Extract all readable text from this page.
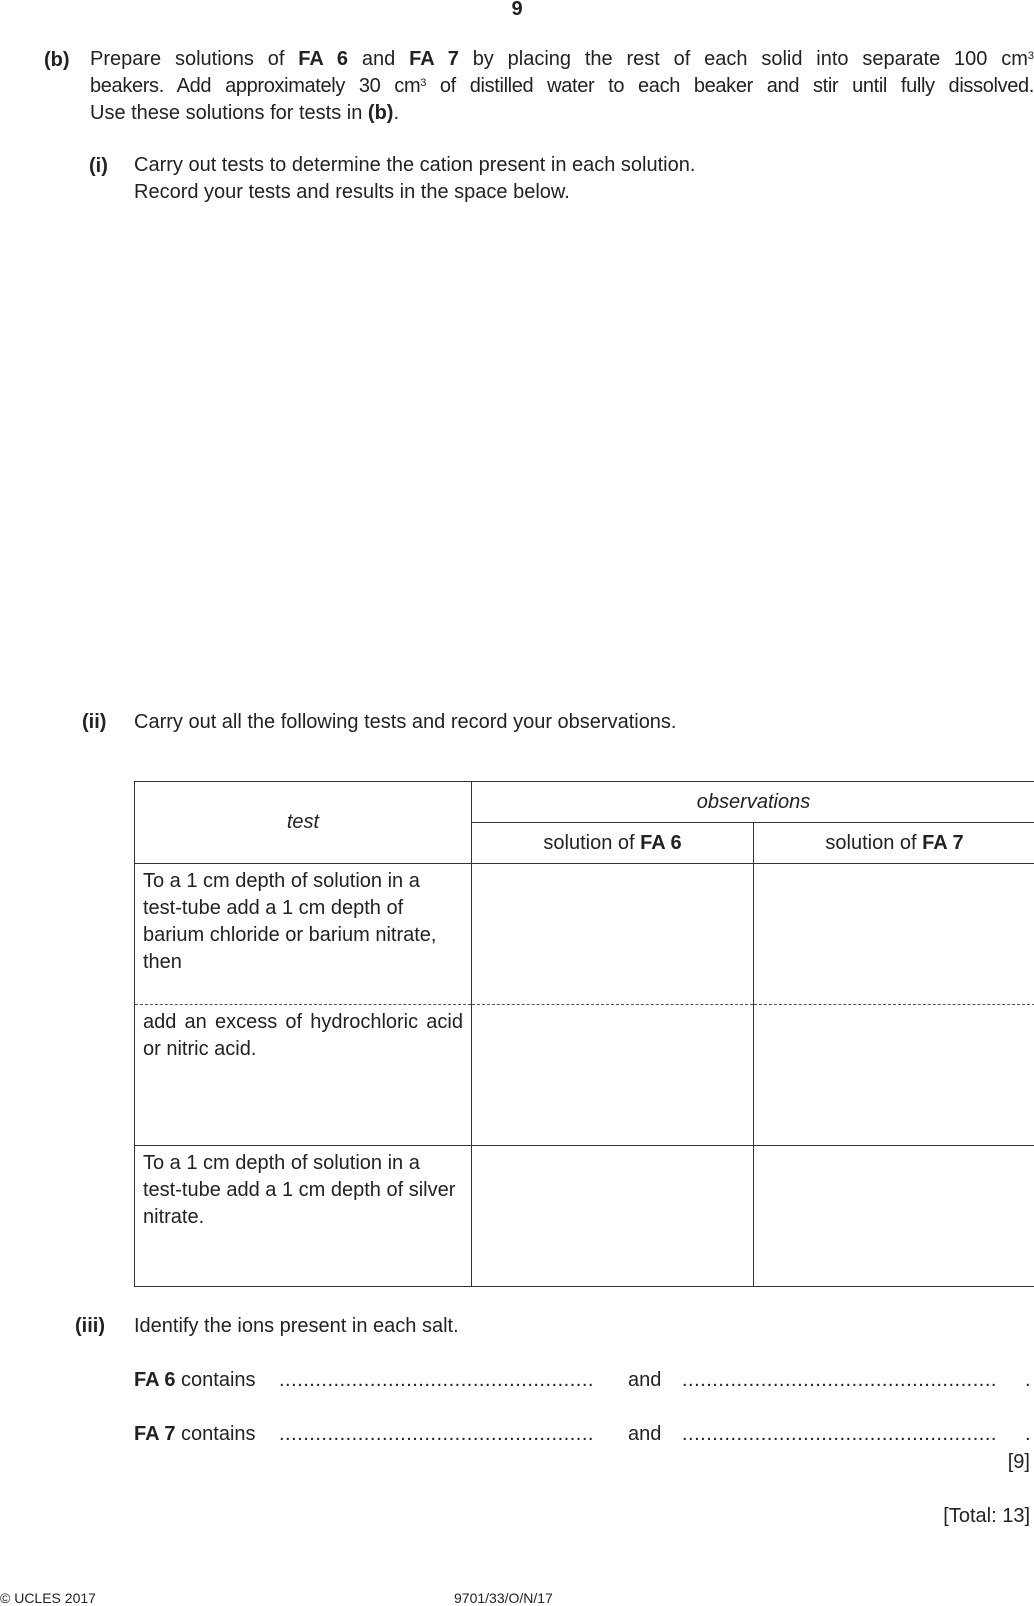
9
(b) Prepare solutions of FA 6 and FA 7 by placing the rest of each solid into separate 100 $cm^3$
beakers. Add approximately 30 $cm^3$ of distilled water to each beaker and stir until fully dissolved.
Use these solutions for tests in (b).
(i) Carry out tests to determine the cation present in each solution.
Record your tests and results in the space below.
(ii) Carry out all the following tests and record your observations.
test	observations	
	solution of FA 6	solution of FA 7

To a 1 cm depth of solution in a test-tube add a 1 cm depth of barium chloride or barium nitrate, then		

add an excess of hydrochloric acid or nitric acid.		

To a 1 cm depth of solution in a test-tube add a 1 cm depth of silver nitrate.		

(iii) Identify the ions present in each salt.
FA 6 contains .................................................... and .................................................... .
FA 7 contains .................................................... and .................................................... .
[9]
[Total: 13]
© UCLES 2017	9701/33/O/N/17
